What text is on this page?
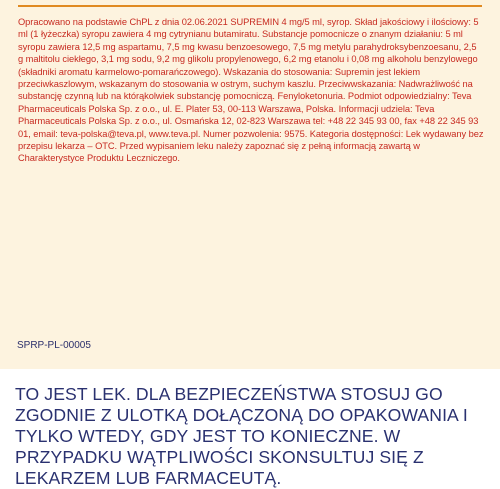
Opracowano na podstawie ChPL z dnia 02.06.2021 SUPREMIN 4 mg/5 ml, syrop. Skład jakościowy i ilościowy: 5 ml (1 łyżeczka) syropu zawiera 4 mg cytrynianu butamiratu. Substancje pomocnicze o znanym działaniu: 5 ml syropu zawiera 12,5 mg aspartamu, 7,5 mg kwasu benzoesowego, 7,5 mg metylu parahydroksybenzoesanu, 2,5 g maltitolu ciekłego, 3,1 mg sodu, 9,2 mg glikolu propylenowego, 6,2 mg etanolu i 0,08 mg alkoholu benzylowego (składniki aromatu karmelowo-pomarańczowego). Wskazania do stosowania: Supremin jest lekiem przeciwkaszlowym, wskazanym do stosowania w ostrym, suchym kaszlu. Przeciwwskazania: Nadwrażliwość na substancję czynną lub na którąkolwiek substancję pomocniczą. Fenyloketonuria. Podmiot odpowiedzialny: Teva Pharmaceuticals Polska Sp. z o.o., ul. E. Plater 53, 00-113 Warszawa, Polska. Informacji udziela: Teva Pharmaceuticals Polska Sp. z o.o., ul. Osmańska 12, 02-823 Warszawa tel: +48 22 345 93 00, fax +48 22 345 93 01, email: teva-polska@teva.pl, www.teva.pl. Numer pozwolenia: 9575. Kategoria dostępności: Lek wydawany bez przepisu lekarza – OTC. Przed wypisaniem leku należy zapoznać się z pełną informacją zawartą w Charakterystyce Produktu Leczniczego.

SPRP-PL-00005

TO JEST LEK. DLA BEZPIECZEŃSTWA STOSUJ GO ZGODNIE Z ULOTKĄ DOŁĄCZONĄ DO OPAKOWANIA I TYLKO WTEDY, GDY JEST TO KONIECZNE. W PRZYPADKU WĄTPLIWOŚCI SKONSULTUJ SIĘ Z LEKARZEM LUB FARMACEUTĄ.
